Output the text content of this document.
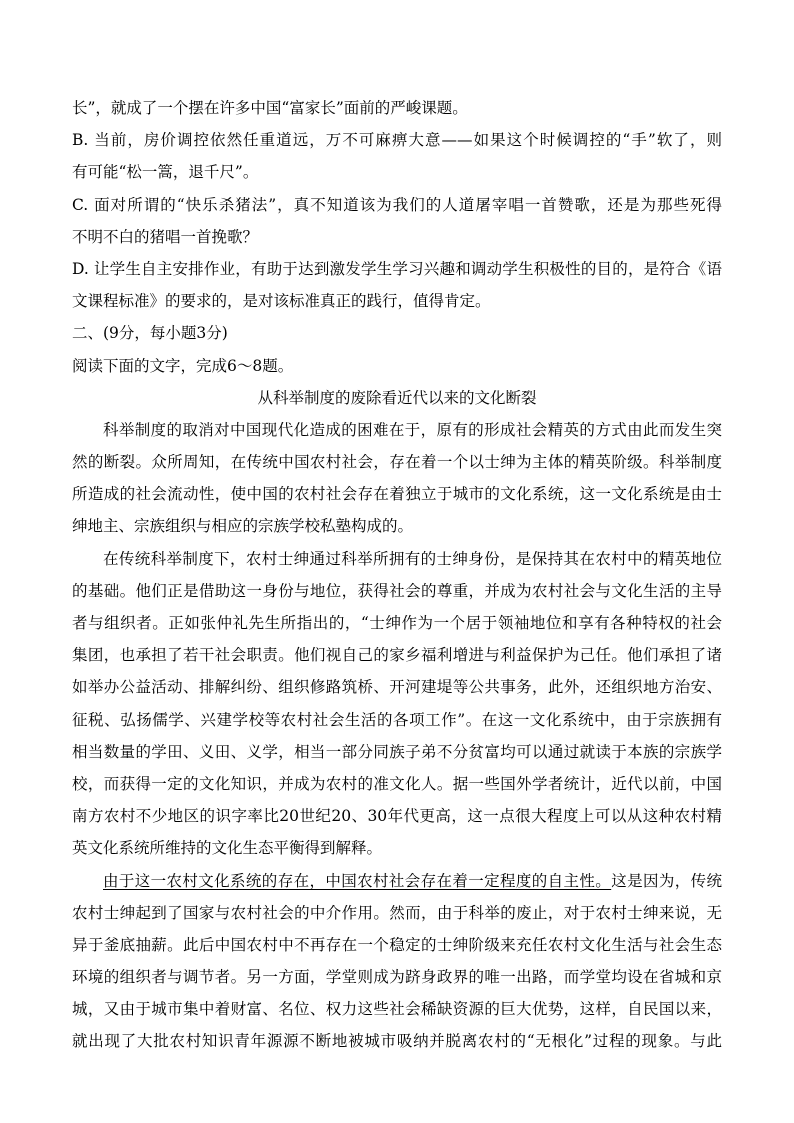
长”，就成了一个摆在许多中国“富家长”面前的严峻课题。
B. 当前，房价调控依然任重道远，万不可麻痹大意——如果这个时候调控的“手”软了，则
有可能“松一篙，退千尺”。
C. 面对所谓的“快乐杀猪法”，真不知道该为我们的人道屠宰唱一首赞歌，还是为那些死得
不明不白的猪唱一首挽歌？
D. 让学生自主安排作业，有助于达到激发学生学习兴趣和调动学生积极性的目的，是符合《语
文课程标准》的要求的，是对该标准真正的践行，值得肯定。
二、(9分，每小题3分)
阅读下面的文字，完成6～8题。
从科举制度的废除看近代以来的文化断裂
科举制度的取消对中国现代化造成的困难在于，原有的形成社会精英的方式由此而发生突
然的断裂。众所周知，在传统中国农村社会，存在着一个以士绅为主体的精英阶级。科举制度
所造成的社会流动性，使中国的农村社会存在着独立于城市的文化系统，这一文化系统是由士
绅地主、宗族组织与相应的宗族学校私塾构成的。
在传统科举制度下，农村士绅通过科举所拥有的士绅身份，是保持其在农村中的精英地位
的基础。他们正是借助这一身份与地位，获得社会的尊重，并成为农村社会与文化生活的主导
者与组织者。正如张仲礼先生所指出的，“士绅作为一个居于领袖地位和享有各种特权的社会
集团，也承担了若干社会职责。他们视自己的家乡福利增进与利益保护为己任。他们承担了诸
如举办公益活动、排解纠纷、组织修路筑桥、开河建堤等公共事务，此外，还组织地方治安、
征税、弘扬儒学、兴建学校等农村社会生活的各项工作”。在这一文化系统中，由于宗族拥有
相当数量的学田、义田、义学，相当一部分同族子弟不分贫富均可以通过就读于本族的宗族学
校，而获得一定的文化知识，并成为农村的准文化人。据一些国外学者统计，近代以前，中国
南方农村不少地区的识字率比20世纪20、30年代更高，这一点很大程度上可以从这种农村精
英文化系统所维持的文化生态平衡得到解释。
由于这一农村文化系统的存在，中国农村社会存在着一定程度的自主性。这是因为，传统
农村士绅起到了国家与农村社会的中介作用。然而，由于科举的废止，对于农村士绅来说，无
异于釜底抽薪。此后中国农村中不再存在一个稳定的士绅阶级来充任农村文化生活与社会生态
环境的组织者与调节者。另一方面，学堂则成为跻身政界的唯一出路，而学堂均设在省城和京
城，又由于城市集中着财富、名位、权力这些社会稀缺资源的巨大优势，这样，自民国以来，
就出现了大批农村知识青年源源不断地被城市吸纳并脱离农村的“无根化”过程的现象。与此
